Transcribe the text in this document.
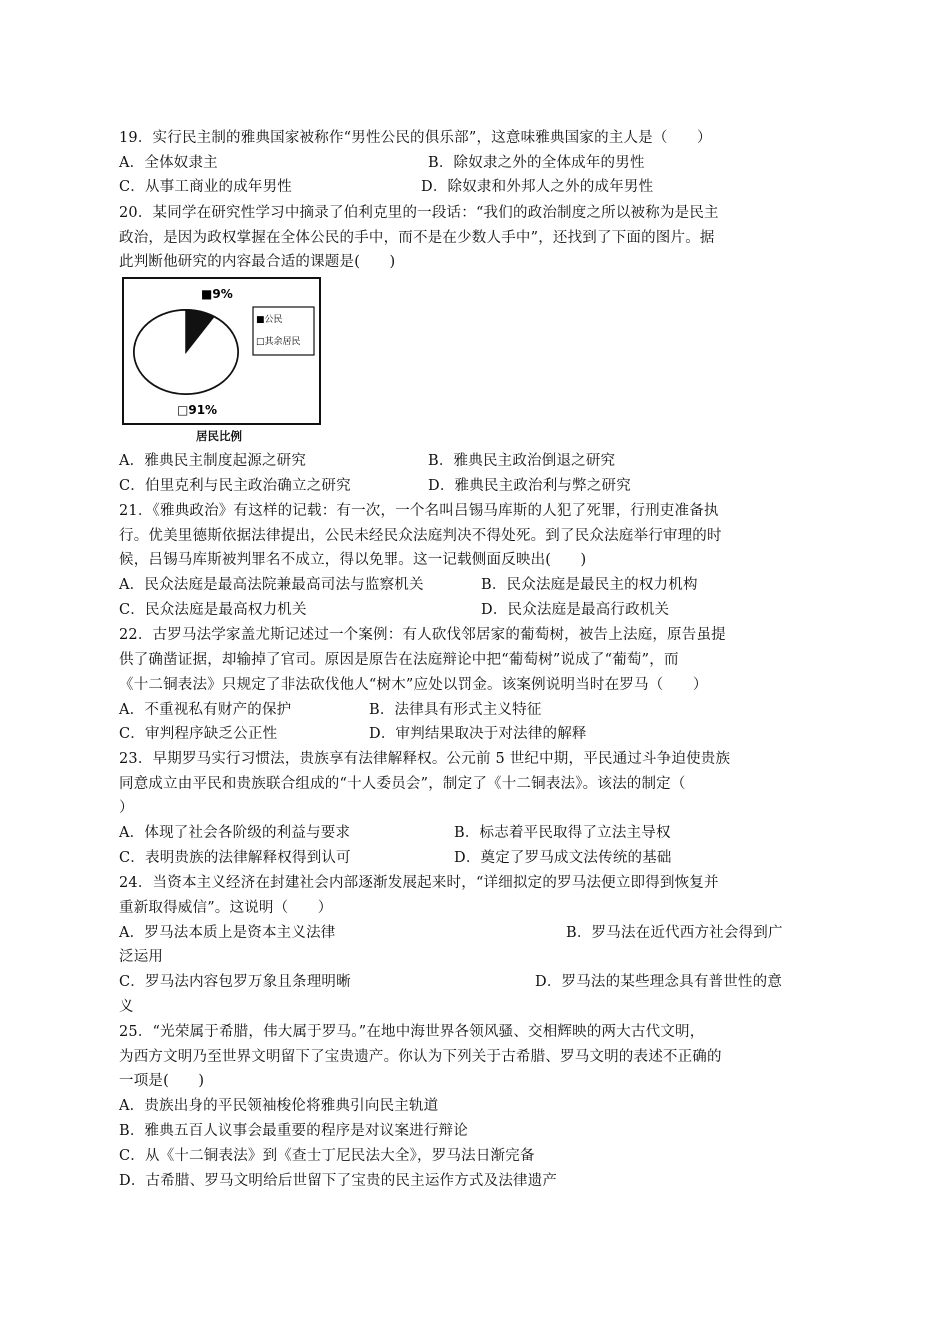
19．实行民主制的雅典国家被称作“男性公民的俱乐部”，这意味雅典国家的主人是（　　）
A．全体奴隶主	B．除奴隶之外的全体成年的男性
C．从事工商业的成年男性	D．除奴隶和外邦人之外的成年男性
20．某同学在研究性学习中摘录了伯利克里的一段话：“我们的政治制度之所以被称为是民主
政治，是因为政权掌握在全体公民的手中，而不是在少数人手中”，还找到了下面的图片。据
此判断他研究的内容最合适的课题是(　　)
■9%
■公民
□其余居民
□91%
居民比例
A．雅典民主制度起源之研究	B．雅典民主政治倒退之研究
C．伯里克利与民主政治确立之研究	D．雅典民主政治利与弊之研究
21．《雅典政治》有这样的记载：有一次，一个名叫吕锡马库斯的人犯了死罪，行刑吏准备执
行。优美里德斯依据法律提出，公民未经民众法庭判决不得处死。到了民众法庭举行审理的时
候，吕锡马库斯被判罪名不成立，得以免罪。这一记载侧面反映出(　　)
A．民众法庭是最高法院兼最高司法与监察机关	B．民众法庭是最民主的权力机构
C．民众法庭是最高权力机关	D．民众法庭是最高行政机关
22．古罗马法学家盖尤斯记述过一个案例：有人砍伐邻居家的葡萄树，被告上法庭，原告虽提
供了确凿证据，却输掉了官司。原因是原告在法庭辩论中把“葡萄树”说成了“葡萄”，而
《十二铜表法》只规定了非法砍伐他人“树木”应处以罚金。该案例说明当时在罗马（　　）
A．不重视私有财产的保护	B．法律具有形式主义特征
C．审判程序缺乏公正性	D．审判结果取决于对法律的解释
23．早期罗马实行习惯法，贵族享有法律解释权。公元前 5 世纪中期，平民通过斗争迫使贵族
同意成立由平民和贵族联合组成的“十人委员会”，制定了《十二铜表法》。该法的制定（
）
A．体现了社会各阶级的利益与要求	B．标志着平民取得了立法主导权
C．表明贵族的法律解释权得到认可	D．奠定了罗马成文法传统的基础
24．当资本主义经济在封建社会内部逐渐发展起来时，“详细拟定的罗马法便立即得到恢复并
重新取得威信”。这说明（　　）
A．罗马法本质上是资本主义法律	B．罗马法在近代西方社会得到广
泛运用
C．罗马法内容包罗万象且条理明晰	D．罗马法的某些理念具有普世性的意
义
25．“光荣属于希腊，伟大属于罗马。”在地中海世界各领风骚、交相辉映的两大古代文明，
为西方文明乃至世界文明留下了宝贵遗产。你认为下列关于古希腊、罗马文明的表述不正确的
一项是(　　)
A．贵族出身的平民领袖梭伦将雅典引向民主轨道
B．雅典五百人议事会最重要的程序是对议案进行辩论
C．从《十二铜表法》到《查士丁尼民法大全》，罗马法日渐完备
D．古希腊、罗马文明给后世留下了宝贵的民主运作方式及法律遗产
